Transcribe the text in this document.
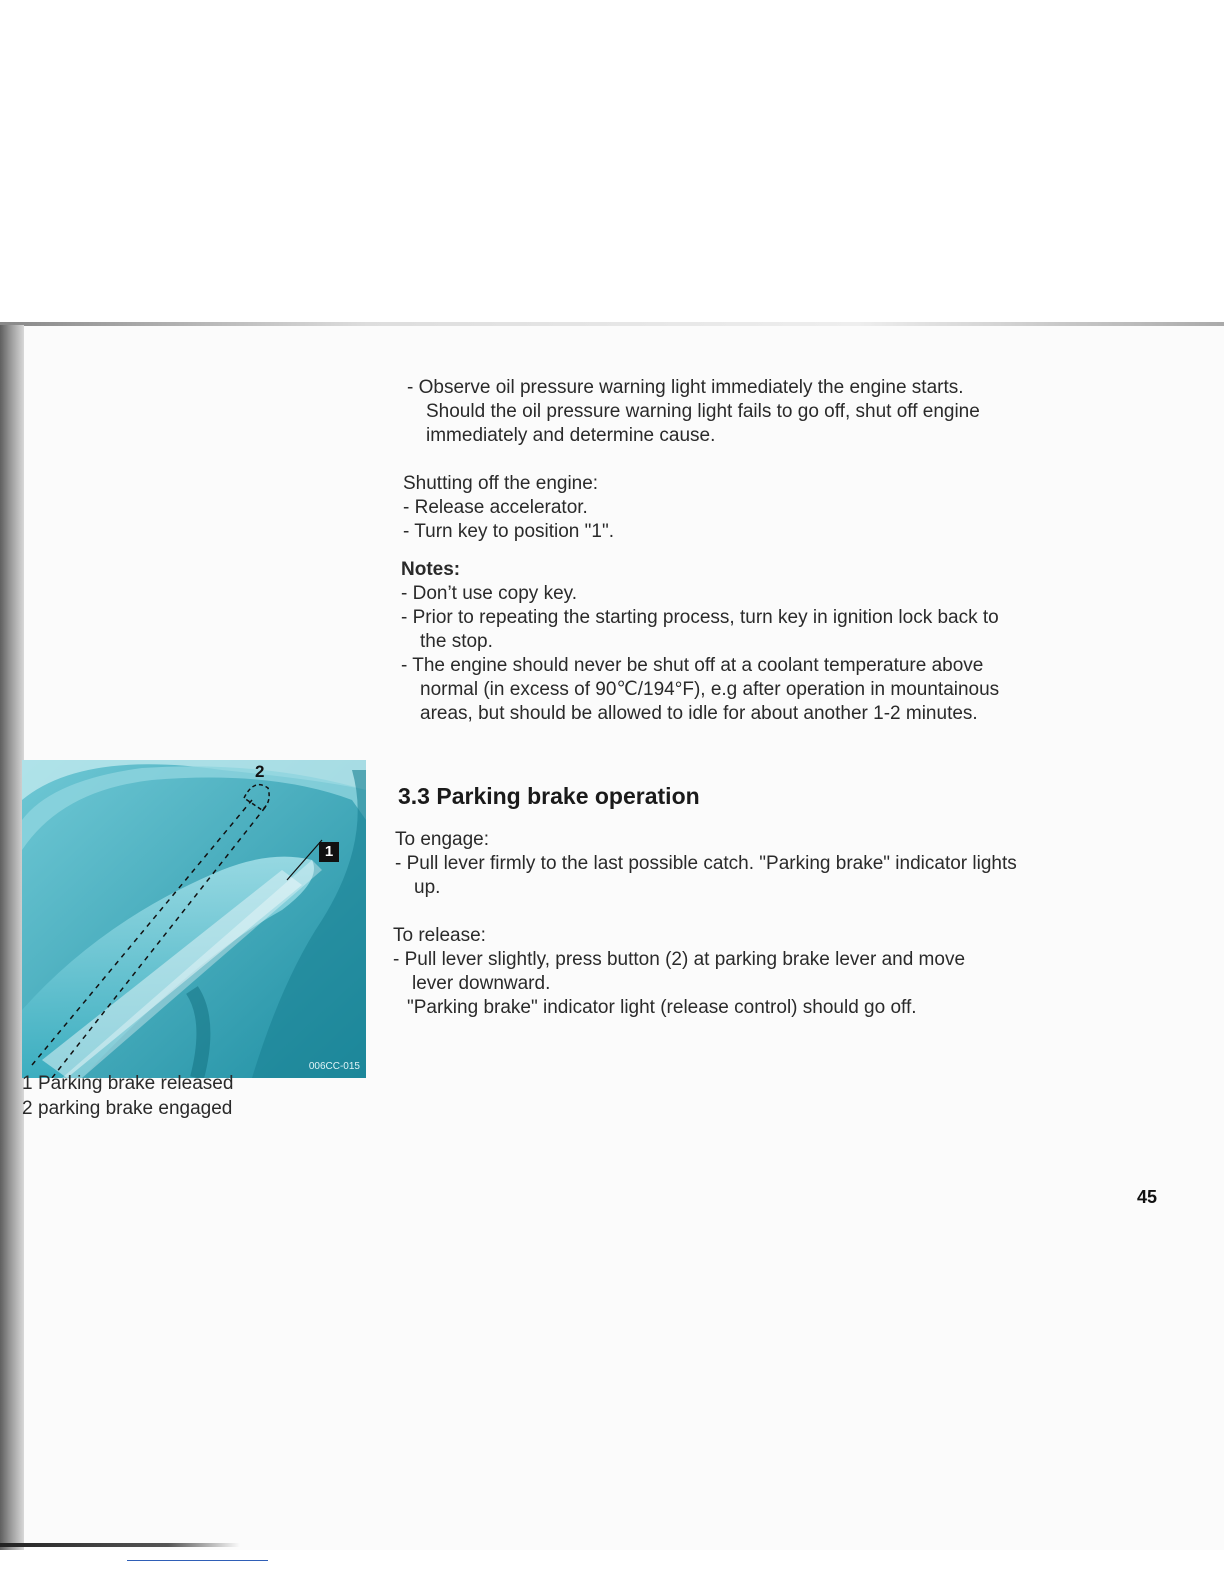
- Observe oil pressure warning light immediately the engine starts.
Should the oil pressure warning light fails to go off, shut off engine
immediately and determine cause.
Shutting off the engine:
- Release accelerator.
- Turn key to position "1".
Notes:
- Don’t use copy key.
- Prior to repeating the starting process, turn key in ignition lock back to
the stop.
- The engine should never be shut off at a coolant temperature above
normal (in excess of 90℃/194°F), e.g after operation in mountainous
areas, but should be allowed to idle for about another 1-2 minutes.
3.3 Parking brake operation
To engage:
- Pull lever firmly to the last possible catch. "Parking brake" indicator lights
up.
To release:
- Pull lever slightly, press button (2) at parking brake lever and move
lever downward.
"Parking brake" indicator light (release control) should go off.
2
006CC-015
1
1 Parking brake released
2 parking brake engaged
45
